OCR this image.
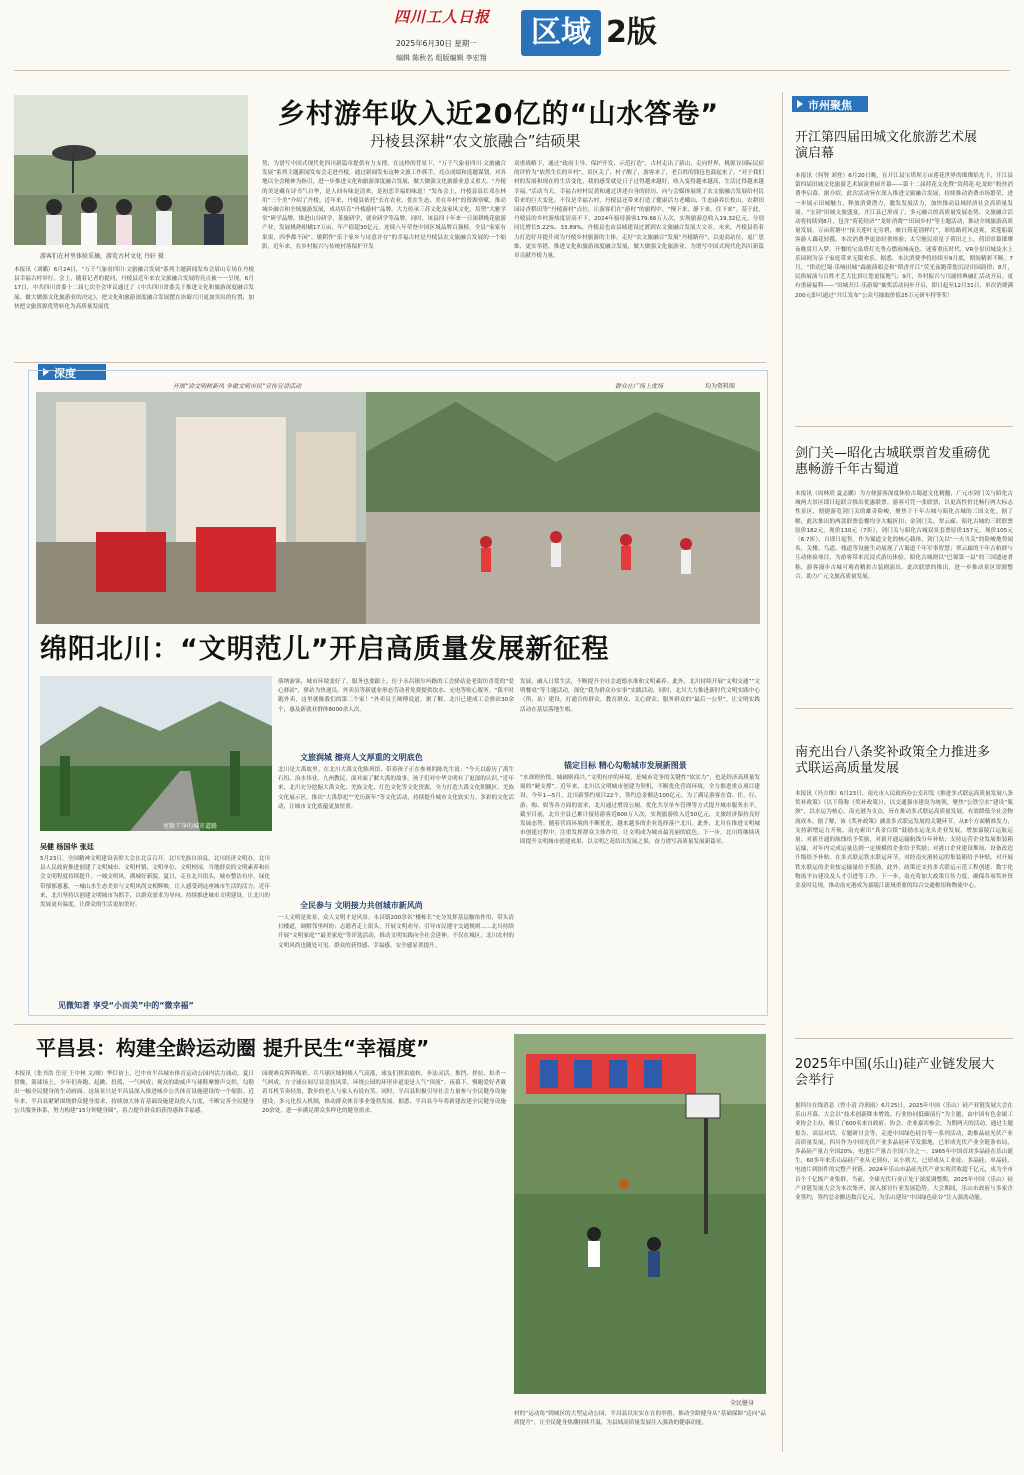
四川工人日报
2025年6月30日 星期一
编辑 陈秋名 组版编辑 李宏翔
区域 2版
游客们在村里体验采摘，游览古村文化 丹轩 摄
乡村游年收入近20亿的“山水答卷”
丹棱县深耕“农文旅融合”结硕果
本报讯（刘璐）6月24日，“万千气象看四川·文旅融合发展”系列主题新闻发布会眉山专场在丹棱县幸福古村举行。会上，随着记者的提问，丹棱县近年来农文旅融合发展的亮点被一一呈现。6月17日，中共四川省委十二届七次全会审议通过了《中共四川省委关于推进文化和旅游深度融合发展、做大做强文化旅游业的决定》，把文化和旅游深度融合发展摆在治蜀兴川更加突出的位置，加快把文旅资源优势转化为高质量发展优
势，为谱写中国式现代化四川新篇章提供有力支撑。在这样的背景下，“万千气象看四川·文旅融合发展”系列主题新闻发布会走进丹棱，通过新闻发布这种文旅工作抓手，亮点成绩和选题谋划，对各地以全会精神为指引，进一步推进文化和旅游深度融合发展，做大做强文化旅游业意义重大。“丹棱的美是藏在诗书气自华，是人间有味是清欢，是初恋幸福的味道！”发布会上，丹棱县县长邓在林用“三个美”介绍了丹棱。近年来，丹棱县依托“长在农业，优在生态，美在乡村”的资源禀赋，推动城乡融合和全域旅游发展，成功培育“丹棱游村”品牌。大力传承三苏文化及家风文化，培塑“大雅学堂”研学品牌，推进山谷研学，茶旅研学，就业研学等品牌，同时，该县四十年来一日深耕桃花旅游产业，发展桃熟柑橘17万亩，年产值超30亿元，连续八年荣登中国区域品牌百强榜，全县“家家有果果，四季都不闲”。敏稻作“乐于家乡与诗意并存”的幸福古村是丹棱县农文旅融合发展的一个缩影，近年来，在乡村振兴与传统村落保护开发
双重战略下，通过“政府主导、保护开发、示范打造”，古村走出了新山，走向世界，桃源谷国际民宿的评价为“依然生长的乡村”。景区关了，村子醒了，游客来了，老百姓的钱包也鼓起来了。“对于我们村的发展和现在的生活变化，我的感受就是日子过得越来越好，收入变得越来越高，生活过得越来越幸福。”活动当天，幸福古村村民黄和通过讲述自身的经历，向与会媒体展现了农文旅融合发展给村民带来的巨大变化。不仅是幸福古村，丹棱县还带来打造了健康活力老峨山，生态康养长枚山，农耕田园诗香稻田等“丹棱游村”点位，让游客们在“游村”的旅程中，“慢下来，静下来，住下来”。基于此，丹棱县的乡村游热度居高不下，2024年接待游客179.66万人次，实现旅游总收入19.32亿元，分别同比增长5.22%、33.89%，丹棱县也由县城建设过渡到农文旅融合发展大文章。未来，丹棱县将着力打造好并提升成为丹棱乡村旅游的主体，走好“农文旅融合”发展“丹棱路径”，以更高站位、更广思维、更实举措，推进文化和旅游深度融合发展，做大做强文化旅游业，为谱写中国式现代化四川新篇章贡献丹棱力量。
市州聚焦
开江第四届田城文化旅游艺术展演启幕
本报讯（何努 刘登）6月20日晚，在开江县宝塔坝万亩莲花世界的璀璨焰光下，开江县第四届田城文化旅游艺术展演重磅开幕——第十二届荷花文化暨“赏荷花·吃龙虾”粉丝消费季启幕。据介绍，此次活动旨在深入推进文旅融合发展，持续推动消费市场繁荣，进一步展示田城魅力，释放消费潜力，激发发展活力，加快推动县域经济社会高质量发展。“宝剑”田城文旅盛宴，开江县已形成了，多元融合的高质量发展态势。文旅融合活动将持续到8月，包含“荷花经济”“龙虾消费”“田园乡村”等主题活动，推动全域旅游高质量发展。万亩荷塘中“接天莲叶无穷碧，映日荷花别样红”，彩绘路荷风送爽，采莲船载客游人藕花轻揽。本次消费季更添轻奢体验；太空舱民宿星子荷田之上，荷田帘幕璀璨夜晚赏月入梦，开餐的宝泉塔灯光秀点燃雨城夜色，迷雾重庆时代，VR全景田城及水上乐园则为亲子家庭带来无限欢乐。据悉，本次消费季将持续至9月底，期间精彩不断。7月，“律动巴蜀·乐响田城”森旅演唱会和“稻香开江”荧光夜跑带您沉浸田园韵律；8月，民俗展演与百姓才艺大比拼让您更接地气；9月，乡村振兴与川渝经典融汇活动开启。更有重磅福利——“田城开江·乐游蜀”抽奖活动同步开启，即日起至12月31日，单次消费满200元即可通过“开江发布”公众号抽取价值25万元研车特等奖！
剑门关—昭化古城联票首发重磅优惠畅游千年古蜀道
本报讯（周林玥 夏志鹏）为方便游客深度体验古蜀道文化精髓，广元市剑门关与昭化古城两大景区即日起联合推出优惠联票。游客可凭一张联票，以更高性价比畅行两大标志性景区，便捷游览剑门关的雄奇险峻，聚焦于千年古城与昭化古城的三国文化。据了解，此次推出的两款联票套餐均享大幅折扣；金剑门关、翠云廊、昭化古城的三联联票原价182元，现价130元（7折），剑门关与昭化古城双景套票原价157元，现价105元（6.7折），自即日起售。作为蜀道文化的核心载体，剑门关以“一夫当关”的险峻地势闻名，关楼、鸟道、栈道等设施生动展现了古蜀道千年军事智慧；翠云廊的千年古柏群与互动体验项目，为游客带来沉浸式游历体验。昭化古城则以“巴蜀第一县”的三国遗迹著称，游客漫步古城可观看精彩古装剧演出。此次联票的推出，进一步推动景区资源整合，助力广元文旅高质量发展。
南充出台八条奖补政策全力推进多式联运高质量发展
本报讯（冯方维）6月23日，南充市人民政府办公室印发《推进多式联运高质量发展八条奖补政策》（以下简称《奖补政策》），以交通强市建设为统领，聚焦“公铁空水”建设“瓶颈”，以水运为核心、南充港为支点，旨在推动多式联运高质量发展，有效降低全社会物流成本。据了解，该《奖补政策》涵盖多式联运发展的关键环节，从8个方面精准发力，支持新增运力开航、南充索出“真金白银”鼓励水运龙头企业发展，增加嘉陵江运航运量。对新开通的航线给予奖励，对新开通运输航线分年补贴；支持运营企业发展集装箱运输，对年内完成运量达到一定规模的企业给予奖励；对港口企业建设堆场、设备改造升级给予补贴。在多式联运铁水联运环节，对经南充港转运的集装箱给予补贴，对开展铁水联运的企业按运输量给予奖励。此外，政策还支持多式联运示范工程创建、数字化物流平台建设及人才引进等工作。下一步，南充将加大政策宣传力度，确保各项奖补资金及时兑现，推动南充港成为嘉陵江流域重要的综合交通枢纽和物流中心。
2025年中国(乐山)硅产业链发展大会举行
据四川在线消息（曾小清 冷润雨）6月25日，2025年中国（乐山）硅产业链发展大会在乐山开幕。大会以“技术创新降本增效、行业协同低碳前行”为主题，由中国有色金属工业协会主办，吸引了600名来自政府、协会、企业嘉宾参会。为期两天的活动，通过主题报告、高层对话、专题研讨会等，走进中国绿色硅谷等一系列活动，助推晶硅光伏产业高质量发展。四川作为中国光伏产业多晶硅环节发源地，已形成光伏产业全链条布局，多晶硅产量占全国20%，电池片产量占全国六分之一。1965年中国首块多晶硅在乐山诞生，60多年来乐山晶硅产业从无到有，从小到大，已形成从工业硅、多晶硅、单晶硅、电池片到组件的完整产业链。2024年乐山市晶硅光伏产业实现营收超千亿元，成为全市首个千亿级产业集群。当前，全球光伏行业正处于深度调整期，2025年中国（乐山）硅产业链发展大会为本次集齐，深入探讨行业发展趋势。大会期间，乐山市政府与多家企业签约，签约总金额达数百亿元，为乐山建设“中国绿色硅谷”注入强劲动能。
深度
开展“讲文明树新风 争做文明市民”宣传宣讲活动	群众在广场上度场	均为资料图
绵阳北川：“文明范儿”开启高质量发展新征程
宽敞干净的城市道路
吴健 杨国华 张廷
5月23日，全国精神文明建设表彰大会在北京召开。北川羌族自治县，北川经济文明办，北川县人民政府推进创建了文明城市、文明村镇、文明单位、文明校园，当地群众的文明素养和社会文明程度持续提升。一城文明风，满城好新貌。夏日，走在北川街头，城市整洁有序，绿化带郁郁葱葱，一城山水生态美景与文明风尚交相辉映，让人感受到这座城市生活的活力。近年来，北川坚持以创建文明城市为抓手，以群众需求为导向，持续推进城市文明建设，让北川的发展更有温度，让群众的生活更加美好。
见微知著 享受“小而美”中的“微幸福”
落纳游客，城市环境变好了，服务也要跟上。位于永昌镇尔玛路的工会驿站是老街坊喜爱的“爱心驿站”，驿站为快递员、外卖员等新就业形态劳动者免费提供饮水、充电等贴心服务。“我平时跑外卖，这里就像我们的第二个家！”外卖员王师傅说道。据了解，北川已建成工会驿站30余个，惠及新就业群体8000余人次。
文旅润城 擦亮人文厚重的文明底色
北川是大禹故里。在北川大禹文化陈列馆，带着孩子正在参观的陈先生说：“今天以游历了禹生石纽、治水伟业、九州教民，面对面了解大禹的故事，孩子们对中华文明有了更深的认识。”近年来，北川充分挖掘大禹文化、羌族文化、红色文化等文化资源，全力打造大禹文化朝觐区、羌族文化展示区，推出“大禹祭祀”“羌历新年”等文化活动，持续提升城市文化软实力。多彩的文化活动，让城市文化底蕴更加厚重。
全民参与 文明接力共创城市新风尚
一人文明是盆景，众人文明才是风景。永昌镇200余名“楼栋长”充分发挥基层触角作用，带头清扫楼道，调解邻里纠纷；志愿者走上街头，开展文明劝导，引导市民遵守交通规则……北川持续开展“文明家庭”“最美家庭”等评选活动，推动文明实践向全社会延伸。不仅在城区，北川农村的文明风尚也随处可见，群众的获得感、幸福感、安全感显著提升。
发展，融入日常生活，不断提升全社会道德水准和文明素养。此外，北川持续开展“文明交通”“文明餐桌”等主题活动，深化“我为群众办实事”实践活动。同时，北川大力推进新时代文明实践中心（所、站）建设，打通宣传群众、教育群众、关心群众、服务群众的“最后一公里”，让文明实践活动在基层落地生根。
锚定目标 精心勾勒城市发展新图景
“水深则鱼悦，城阔则商兴。”文明有序的环境，是城市竞争的关键性“软实力”，也是经济高质量发展的“硬支撑”。近年来，北川以文明城市创建为契机，不断优化营商环境，全力推进重点项目建设。今年1—5月，北川新签约项目22个，签约总金额达100亿元。为了满足游客在食、住、行、游、购、娱等各方面的需求，北川通过增设公厕、优化共享单车管理等方式提升城市服务水平。截至目前，北川全县已累计接待游客近600万人次，实现旅游收入近50亿元，文旅经济保持良好发展态势。随着营商环境的不断优化，越来越多的企业选择落户北川。此外，北川在推进文明城市创建过程中，注重发挥群众主体作用，让文明成为城市最亮丽的底色。下一步，北川将继续巩固提升文明城市创建成果，以文明之花结出发展之果，奋力谱写高质量发展新篇章。
平昌县：构建全龄运动圈 提升民生“幸福度”
本报讯（张书浩 岳亮 王中林 文/图）华灯初上，巴中市平昌城市体育运动公园内活力涌动。夏日傍晚，篮球场上，少年们奔跑、起跳、投篮，一气呵成；观众的助威声与球鞋摩擦声交织，勾勒出一幅全民健身的生动画面。这场景只是平昌县深入推进城乡公共体育设施建设的一个缩影。近年来，平昌县紧紧围绕群众健身需求，持续加大体育基础设施建设投入力度，不断完善全民健身公共服务体系，努力构建“15分钟健身圈”，着力提升群众的获得感和幸福感。
园观赛众阵阵喝彩。兵乓球区域阿姨人气高涨，球友们挥拍旋转，步法灵活，推挡、搓拉、扣杀一气呵成，方寸球台间尽显竞技风采。环绕公园的环形步道更是人气“顶流”。夜幕下，慢跑爱好者戴着耳机节奏轻盈，散步的老人与家人有说有笑。同时，平昌县积极引导社会力量参与全民健身设施建设，多元化投入机制，推动群众体育事业蓬勃发展。据悉，平昌县今年将新建改建全民健身设施20余处，进一步满足群众多样化的健身需求。
全民健身
村的“运动角”到城区的大型运动公园，平昌县以实实在在的举措，推动全龄健身从“基础保障”迈向“品质提升”，让全民健身热潮持续升温，为县域高质量发展注入强劲的健康动能。
